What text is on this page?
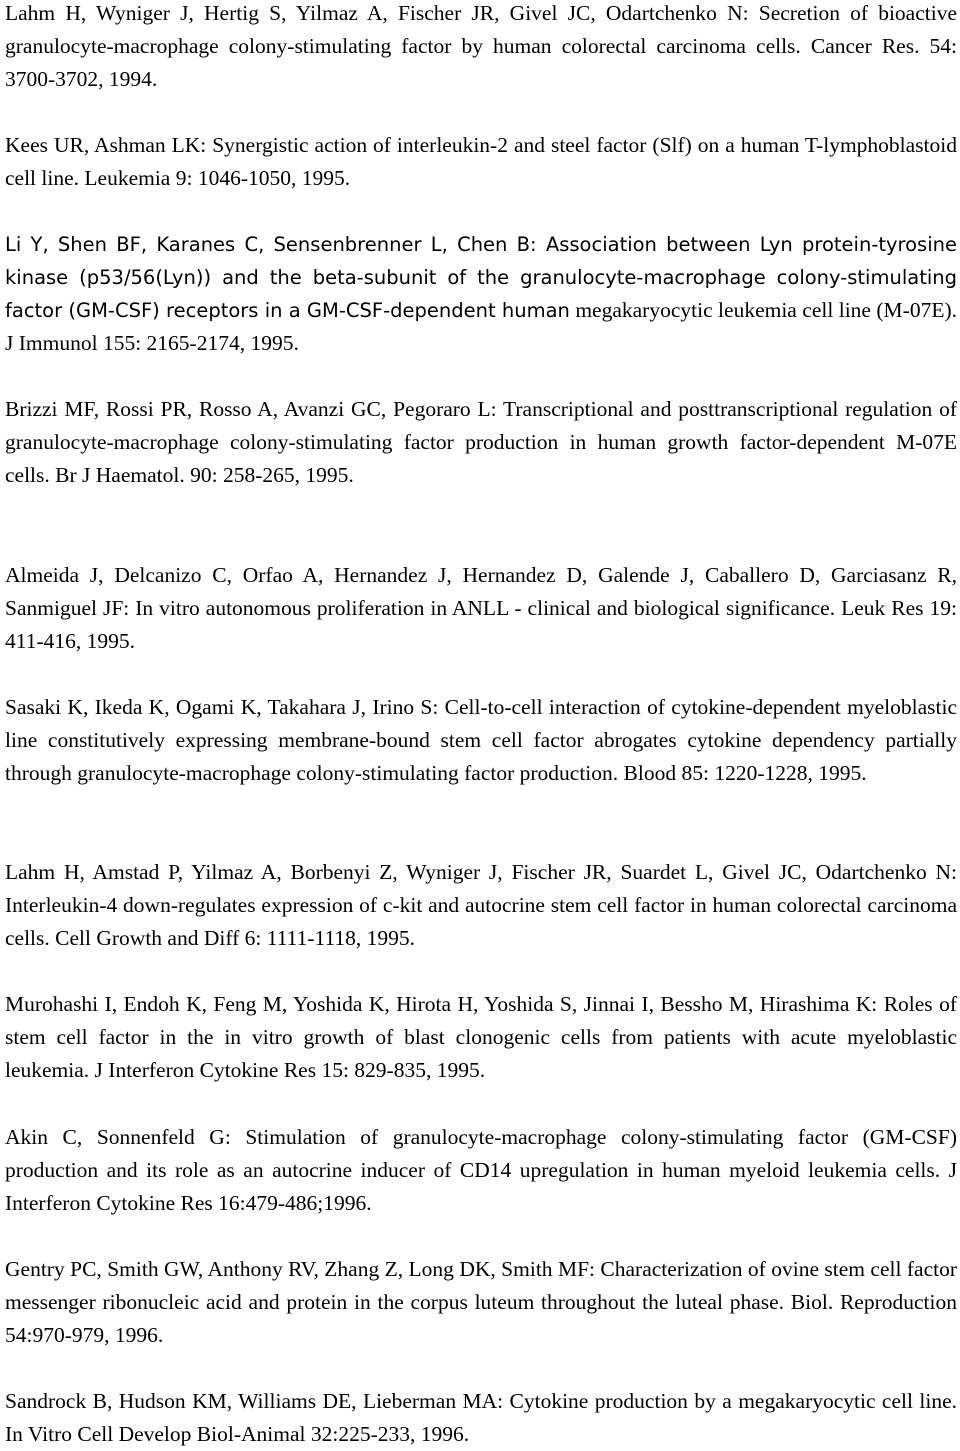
Lahm H, Wyniger J, Hertig S, Yilmaz A, Fischer JR, Givel JC, Odartchenko N: Secretion of bioactive granulocyte-macrophage colony-stimulating factor by human colorectal carcinoma cells. Cancer Res. 54: 3700-3702, 1994.

Kees UR, Ashman LK: Synergistic action of interleukin-2 and steel factor (Slf) on a human T-lymphoblastoid cell line. Leukemia 9: 1046-1050, 1995.

Li Y, Shen BF, Karanes C, Sensenbrenner L, Chen B: Association between Lyn protein-tyrosine kinase (p53/56(Lyn)) and the beta-subunit of the granulocyte-macrophage colony-stimulating factor (GM-CSF) receptors in a GM-CSF-dependent human megakaryocytic leukemia cell line (M-07E). J Immunol 155: 2165-2174, 1995.

Brizzi MF, Rossi PR, Rosso A, Avanzi GC, Pegoraro L: Transcriptional and posttranscriptional regulation of granulocyte-macrophage colony-stimulating factor production in human growth factor-dependent M-07E cells. Br J Haematol. 90: 258-265, 1995.

Almeida J, Delcanizo C, Orfao A, Hernandez J, Hernandez D, Galende J, Caballero D, Garciasanz R, Sanmiguel JF: In vitro autonomous proliferation in ANLL - clinical and biological significance. Leuk Res 19: 411-416, 1995.

Sasaki K, Ikeda K, Ogami K, Takahara J, Irino S: Cell-to-cell interaction of cytokine-dependent myeloblastic line constitutively expressing membrane-bound stem cell factor abrogates cytokine dependency partially through granulocyte-macrophage colony-stimulating factor production. Blood 85: 1220-1228, 1995.

Lahm H, Amstad P, Yilmaz A, Borbenyi Z, Wyniger J, Fischer JR, Suardet L, Givel JC, Odartchenko N: Interleukin-4 down-regulates expression of c-kit and autocrine stem cell factor in human colorectal carcinoma cells. Cell Growth and Diff 6: 1111-1118, 1995.

Murohashi I, Endoh K, Feng M, Yoshida K, Hirota H, Yoshida S, Jinnai I, Bessho M, Hirashima K: Roles of stem cell factor in the in vitro growth of blast clonogenic cells from patients with acute myeloblastic leukemia. J Interferon Cytokine Res 15: 829-835, 1995.

Akin C, Sonnenfeld G: Stimulation of granulocyte-macrophage colony-stimulating factor (GM-CSF) production and its role as an autocrine inducer of CD14 upregulation in human myeloid leukemia cells. J Interferon Cytokine Res 16:479-486;1996.

Gentry PC, Smith GW, Anthony RV, Zhang Z, Long DK, Smith MF: Characterization of ovine stem cell factor messenger ribonucleic acid and protein in the corpus luteum throughout the luteal phase. Biol. Reproduction 54:970-979, 1996.

Sandrock B, Hudson KM, Williams DE, Lieberman MA: Cytokine production by a megakaryocytic cell line. In Vitro Cell Develop Biol-Animal 32:225-233, 1996.
